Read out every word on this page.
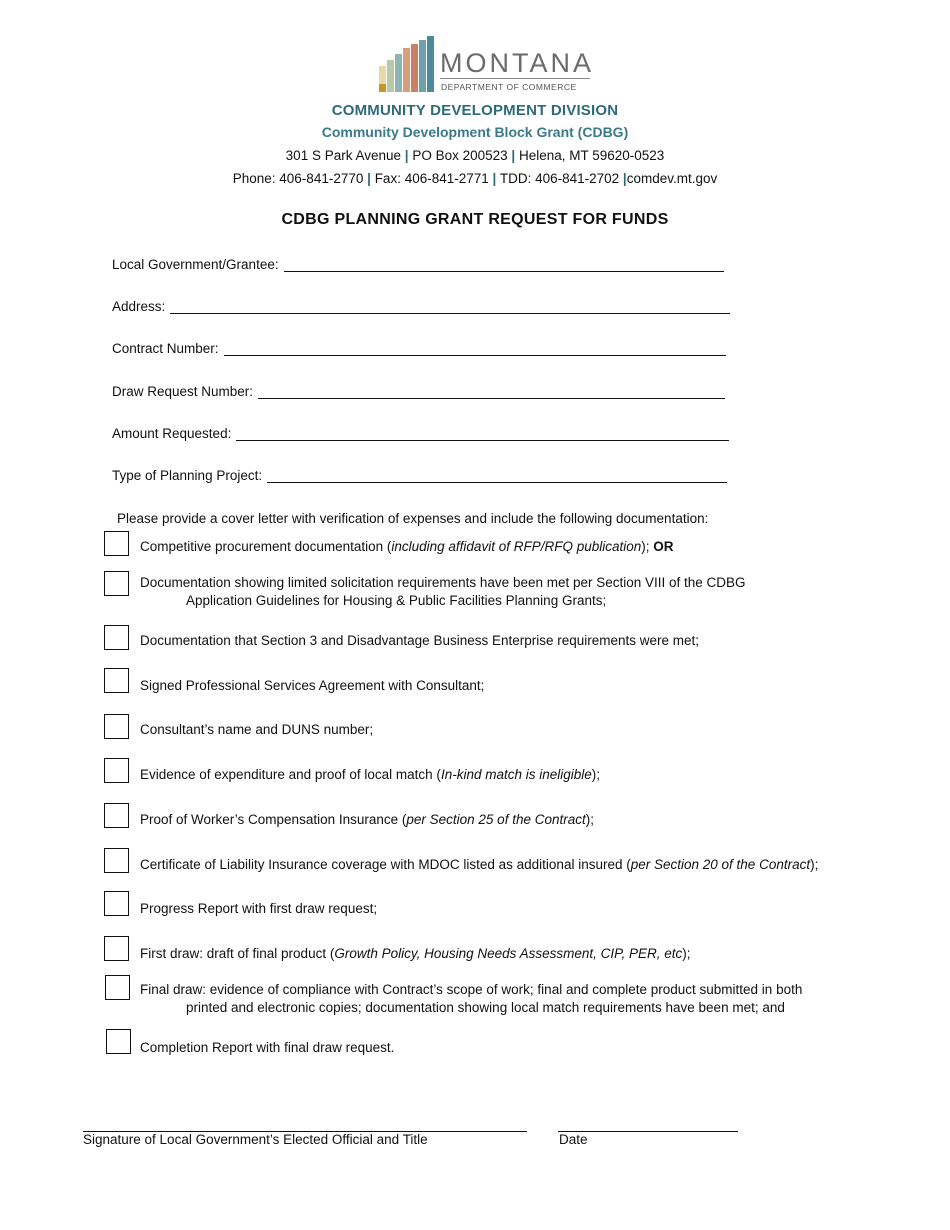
MONTANA
DEPARTMENT OF COMMERCE
COMMUNITY DEVELOPMENT DIVISION
Community Development Block Grant (CDBG)
301 S Park Avenue | PO Box 200523 | Helena, MT 59620-0523
Phone: 406-841-2770 | Fax: 406-841-2771 | TDD: 406-841-2702 |comdev.mt.gov
CDBG PLANNING GRANT REQUEST FOR FUNDS
Local Government/Grantee:
Address:
Contract Number:
Draw Request Number:
Amount Requested:
Type of Planning Project:
Please provide a cover letter with verification of expenses and include the following documentation:
Competitive procurement documentation (including affidavit of RFP/RFQ publication); OR
Documentation showing limited solicitation requirements have been met per Section VIII of the CDBG
Application Guidelines for Housing & Public Facilities Planning Grants;
Documentation that Section 3 and Disadvantage Business Enterprise requirements were met;
Signed Professional Services Agreement with Consultant;
Consultant’s name and DUNS number;
Evidence of expenditure and proof of local match (In-kind match is ineligible);
Proof of Worker’s Compensation Insurance (per Section 25 of the Contract);
Certificate of Liability Insurance coverage with MDOC listed as additional insured (per Section 20 of the Contract);
Progress Report with first draw request;
First draw: draft of final product (Growth Policy, Housing Needs Assessment, CIP, PER, etc);
Final draw: evidence of compliance with Contract’s scope of work; final and complete product submitted in both
printed and electronic copies; documentation showing local match requirements have been met; and
Completion Report with final draw request.
Signature of Local Government’s Elected Official and Title	Date
